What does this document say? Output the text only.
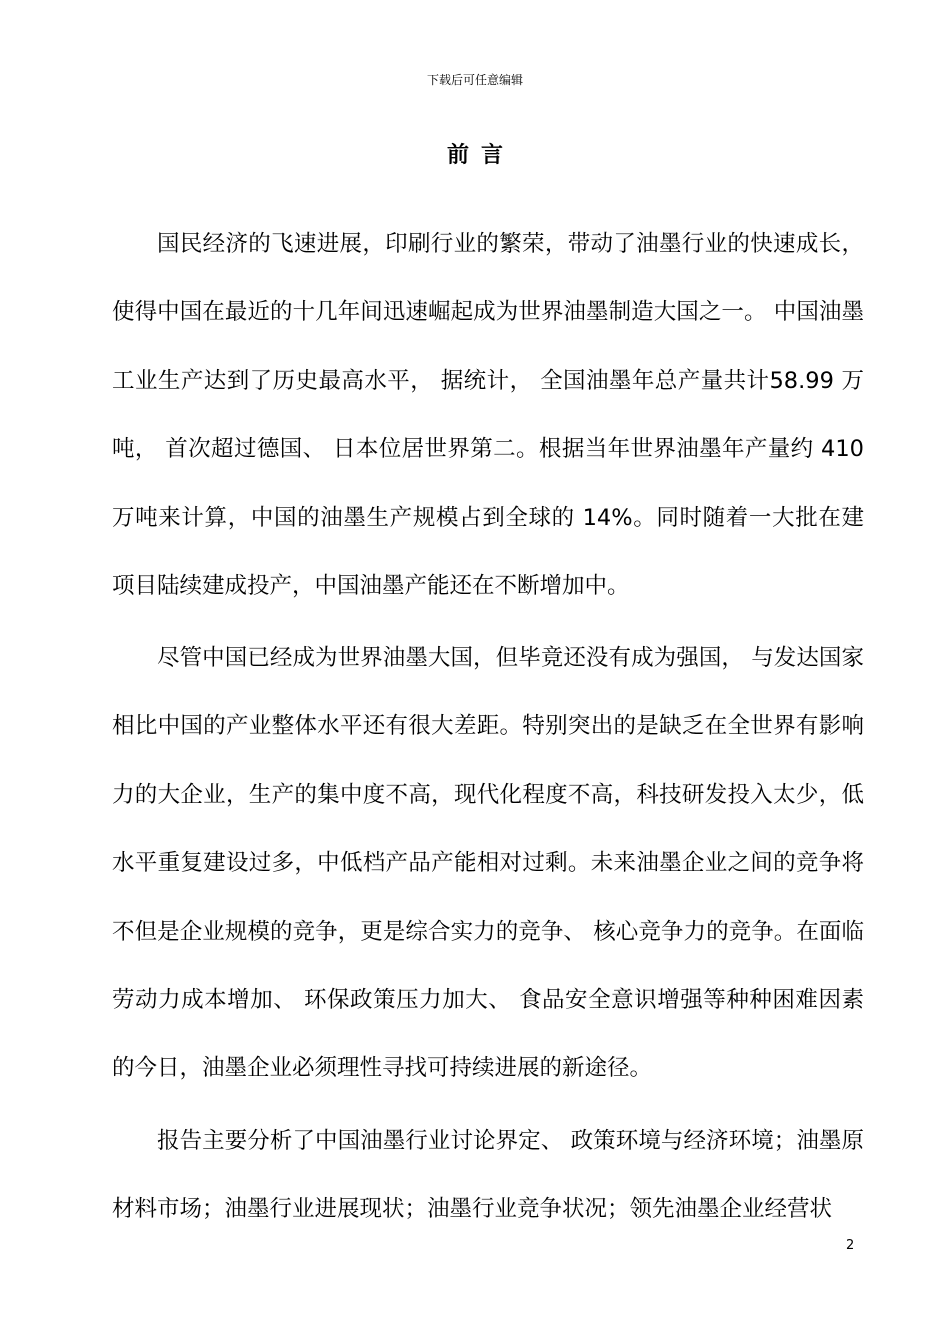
下载后可任意编辑
前言

国民经济的飞速进展，印刷行业的繁荣，带动了油墨行业的快速成长，使得中国在最近的十几年间迅速崛起成为世界油墨制造大国之一。 中国油墨工业生产达到了历史最高水平， 据统计， 全国油墨年总产量共计58.99 万吨， 首次超过德国、 日本位居世界第二。根据当年世界油墨年产量约 410 万吨来计算，中国的油墨生产规模占到全球的 14%。同时随着一大批在建项目陆续建成投产，中国油墨产能还在不断增加中。

尽管中国已经成为世界油墨大国，但毕竟还没有成为强国， 与发达国家相比中国的产业整体水平还有很大差距。特别突出的是缺乏在全世界有影响力的大企业，生产的集中度不高，现代化程度不高，科技研发投入太少，低水平重复建设过多，中低档产品产能相对过剩。未来油墨企业之间的竞争将不但是企业规模的竞争，更是综合实力的竞争、 核心竞争力的竞争。在面临劳动力成本增加、 环保政策压力加大、 食品安全意识增强等种种困难因素的今日，油墨企业必须理性寻找可持续进展的新途径。

报告主要分析了中国油墨行业讨论界定、 政策环境与经济环境；油墨原材料市场；油墨行业进展现状；油墨行业竞争状况；领先油墨企业经营状

2
